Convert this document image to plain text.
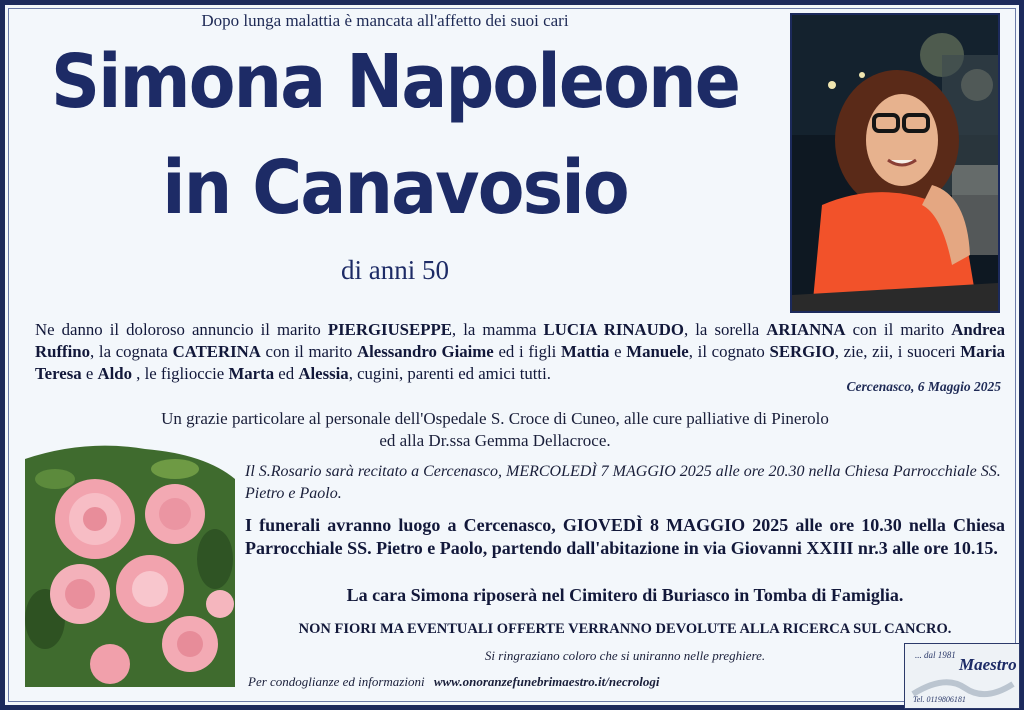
Dopo lunga malattia è mancata all'affetto dei suoi cari
Simona Napoleone
in Canavosio
di anni 50
Ne danno il doloroso annuncio il marito PIERGIUSEPPE, la mamma LUCIA RINAUDO, la sorella ARIANNA con il marito Andrea Ruffino, la cognata CATERINA con il marito Alessandro Giaime ed i figli Mattia e Manuele, il cognato SERGIO, zie, zii, i suoceri Maria Teresa e Aldo , le figlioccie Marta ed Alessia, cugini, parenti ed amici tutti.
Cercenasco, 6 Maggio 2025
Un grazie particolare al personale dell'Ospedale S. Croce di Cuneo, alle cure palliative di Pinerolo
ed alla Dr.ssa Gemma Dellacroce.
Il S.Rosario sarà recitato a Cercenasco, MERCOLEDÌ 7 MAGGIO 2025 alle ore 20.30 nella Chiesa Parrocchiale SS. Pietro e Paolo.
I funerali avranno luogo a Cercenasco, GIOVEDÌ 8 MAGGIO 2025 alle ore 10.30 nella Chiesa Parrocchiale SS. Pietro e Paolo, partendo dall'abitazione in via Giovanni XXIII nr.3 alle ore 10.15.
La cara Simona riposerà nel Cimitero di Buriasco in Tomba di Famiglia.
NON FIORI MA EVENTUALI OFFERTE VERRANNO DEVOLUTE ALLA RICERCA SUL CANCRO.
Si ringraziano coloro che si uniranno nelle preghiere.
Per condoglianze ed informazioni www.onoranzefunebrimaestro.it/necrologi
... dal 1981 Maestro
Tel. 0119806181
